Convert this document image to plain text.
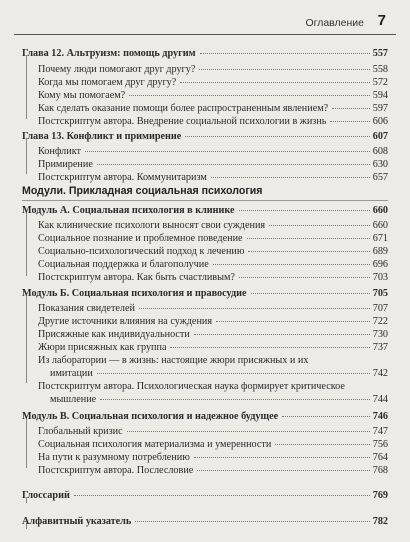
Оглавление 7
Глава 12. Альтруизм: помощь другим	557
Почему люди помогают друг другу?	558
Когда мы помогаем друг другу?	572
Кому мы помогаем?	594
Как сделать оказание помощи более распространенным явлением?	597
Постскриптум автора. Внедрение социальной психологии в жизнь	606
Глава 13. Конфликт и примирение	607
Конфликт	608
Примирение	630
Постскриптум автора. Коммунитаризм	657
Модули. Прикладная социальная психология
Модуль А. Социальная психология в клинике	660
Как клинические психологи выносят свои суждения	660
Социальное познание и проблемное поведение	671
Социально-психологический подход к лечению	689
Социальная поддержка и благополучие	696
Постскриптум автора. Как быть счастливым?	703
Модуль Б. Социальная психология и правосудие	705
Показания свидетелей	707
Другие источники влияния на суждения	722
Присяжные как индивидуальности	730
Жюри присяжных как группа	737
Из лаборатории — в жизнь: настоящие жюри присяжных и их
имитации	742
Постскриптум автора. Психологическая наука формирует критическое
мышление	744
Модуль В. Социальная психология и надежное будущее	746
Глобальный кризис	747
Социальная психология материализма и умеренности	756
На пути к разумному потреблению	764
Постскриптум автора. Послесловие	768
Глоссарий	769
Алфавитный указатель	782
